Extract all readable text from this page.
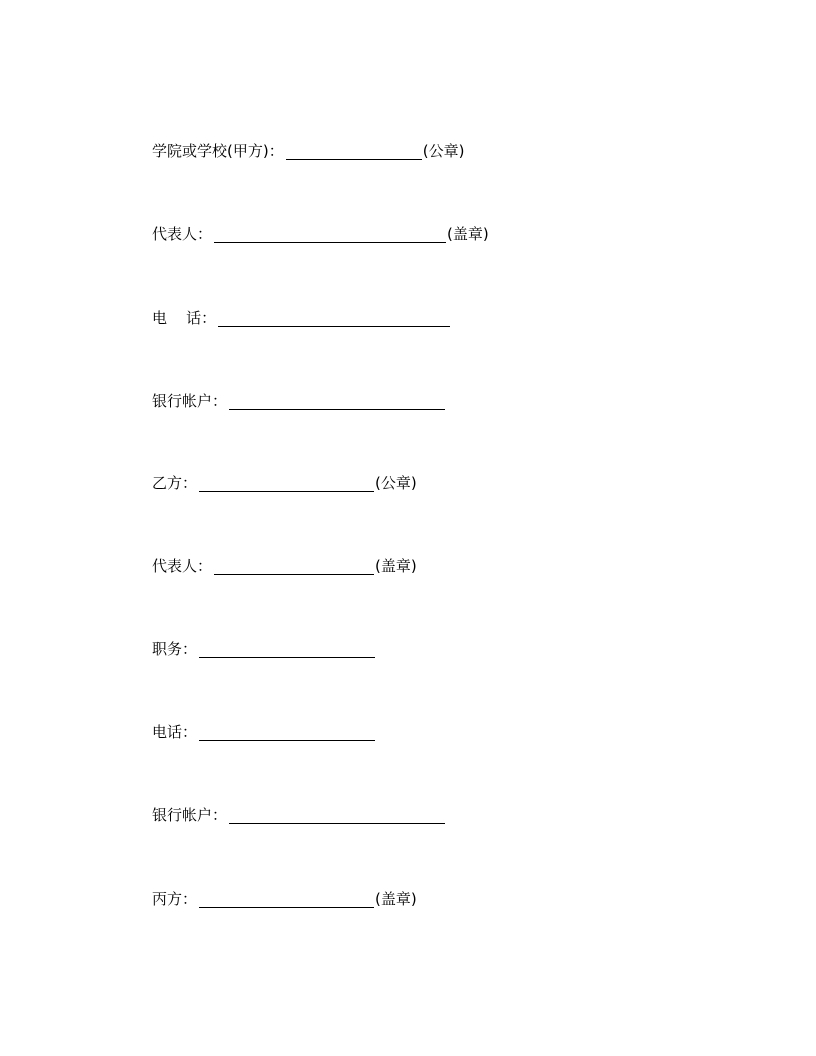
学院或学校(甲方)：	(公章)
代表人：	(盖章)
电    话：
银行帐户：
乙方：	(公章)
代表人：	(盖章)
职务：
电话：
银行帐户：
丙方：	(盖章)
